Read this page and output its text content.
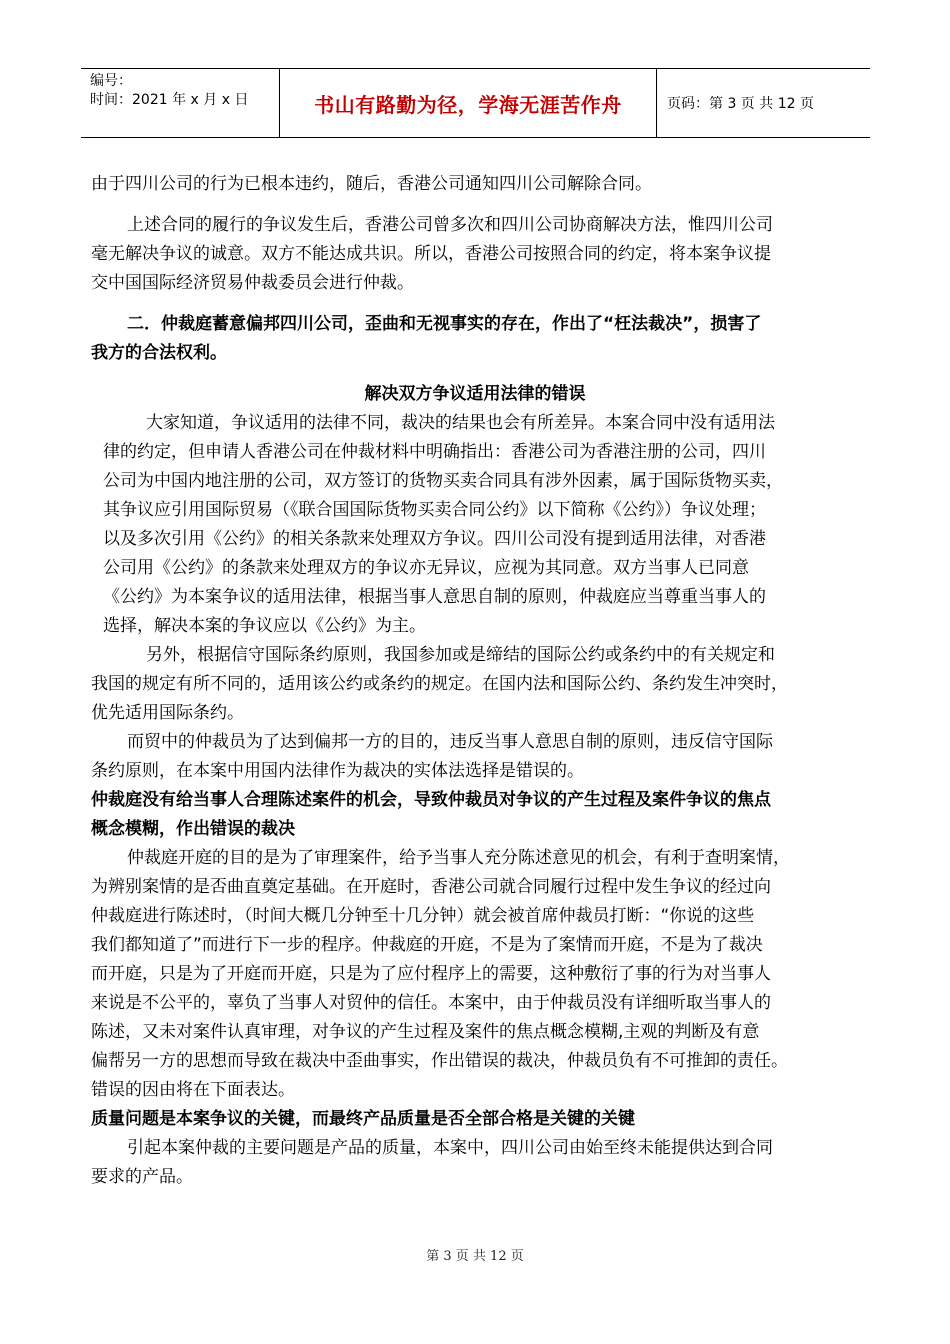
编号：
时间：2021 年 x 月 x 日	书山有路勤为径，学海无涯苦作舟	页码：第 3 页 共 12 页

由于四川公司的行为已根本违约，随后，香港公司通知四川公司解除合同。

上述合同的履行的争议发生后，香港公司曾多次和四川公司协商解决方法，惟四川公司

毫无解决争议的诚意。双方不能达成共识。所以，香港公司按照合同的约定，将本案争议提

交中国国际经济贸易仲裁委员会进行仲裁。

二．仲裁庭蓄意偏邦四川公司，歪曲和无视事实的存在，作出了“枉法裁决”，损害了

我方的合法权利。

解决双方争议适用法律的错误

大家知道，争议适用的法律不同，裁决的结果也会有所差异。本案合同中没有适用法

律的约定，但申请人香港公司在仲裁材料中明确指出：香港公司为香港注册的公司，四川

公司为中国内地注册的公司，双方签订的货物买卖合同具有涉外因素，属于国际货物买卖，

其争议应引用国际贸易（《联合国国际货物买卖合同公约》以下简称《公约》）争议处理；

以及多次引用《公约》的相关条款来处理双方争议。四川公司没有提到适用法律，对香港

公司用《公约》的条款来处理双方的争议亦无异议，应视为其同意。双方当事人已同意

《公约》为本案争议的适用法律，根据当事人意思自制的原则，仲裁庭应当尊重当事人的

选择，解决本案的争议应以《公约》为主。

另外，根据信守国际条约原则，我国参加或是缔结的国际公约或条约中的有关规定和

我国的规定有所不同的，适用该公约或条约的规定。在国内法和国际公约、条约发生冲突时，

优先适用国际条约。

而贸中的仲裁员为了达到偏邦一方的目的，违反当事人意思自制的原则，违反信守国际

条约原则，在本案中用国内法律作为裁决的实体法选择是错误的。

仲裁庭没有给当事人合理陈述案件的机会，导致仲裁员对争议的产生过程及案件争议的焦点

概念模糊，作出错误的裁决

仲裁庭开庭的目的是为了审理案件，给予当事人充分陈述意见的机会，有利于查明案情，

为辨别案情的是否曲直奠定基础。在开庭时，香港公司就合同履行过程中发生争议的经过向

仲裁庭进行陈述时，（时间大概几分钟至十几分钟）就会被首席仲裁员打断：“你说的这些

我们都知道了”而进行下一步的程序。仲裁庭的开庭，不是为了案情而开庭，不是为了裁决

而开庭，只是为了开庭而开庭，只是为了应付程序上的需要，这种敷衍了事的行为对当事人

来说是不公平的，辜负了当事人对贸仲的信任。本案中，由于仲裁员没有详细听取当事人的

陈述，又未对案件认真审理，对争议的产生过程及案件的焦点概念模糊,主观的判断及有意

偏帮另一方的思想而导致在裁决中歪曲事实，作出错误的裁决，仲裁员负有不可推卸的责任。

错误的因由将在下面表达。

质量问题是本案争议的关键，而最终产品质量是否全部合格是关键的关键

引起本案仲裁的主要问题是产品的质量，本案中，四川公司由始至终未能提供达到合同

要求的产品。

第 3 页 共 12 页
